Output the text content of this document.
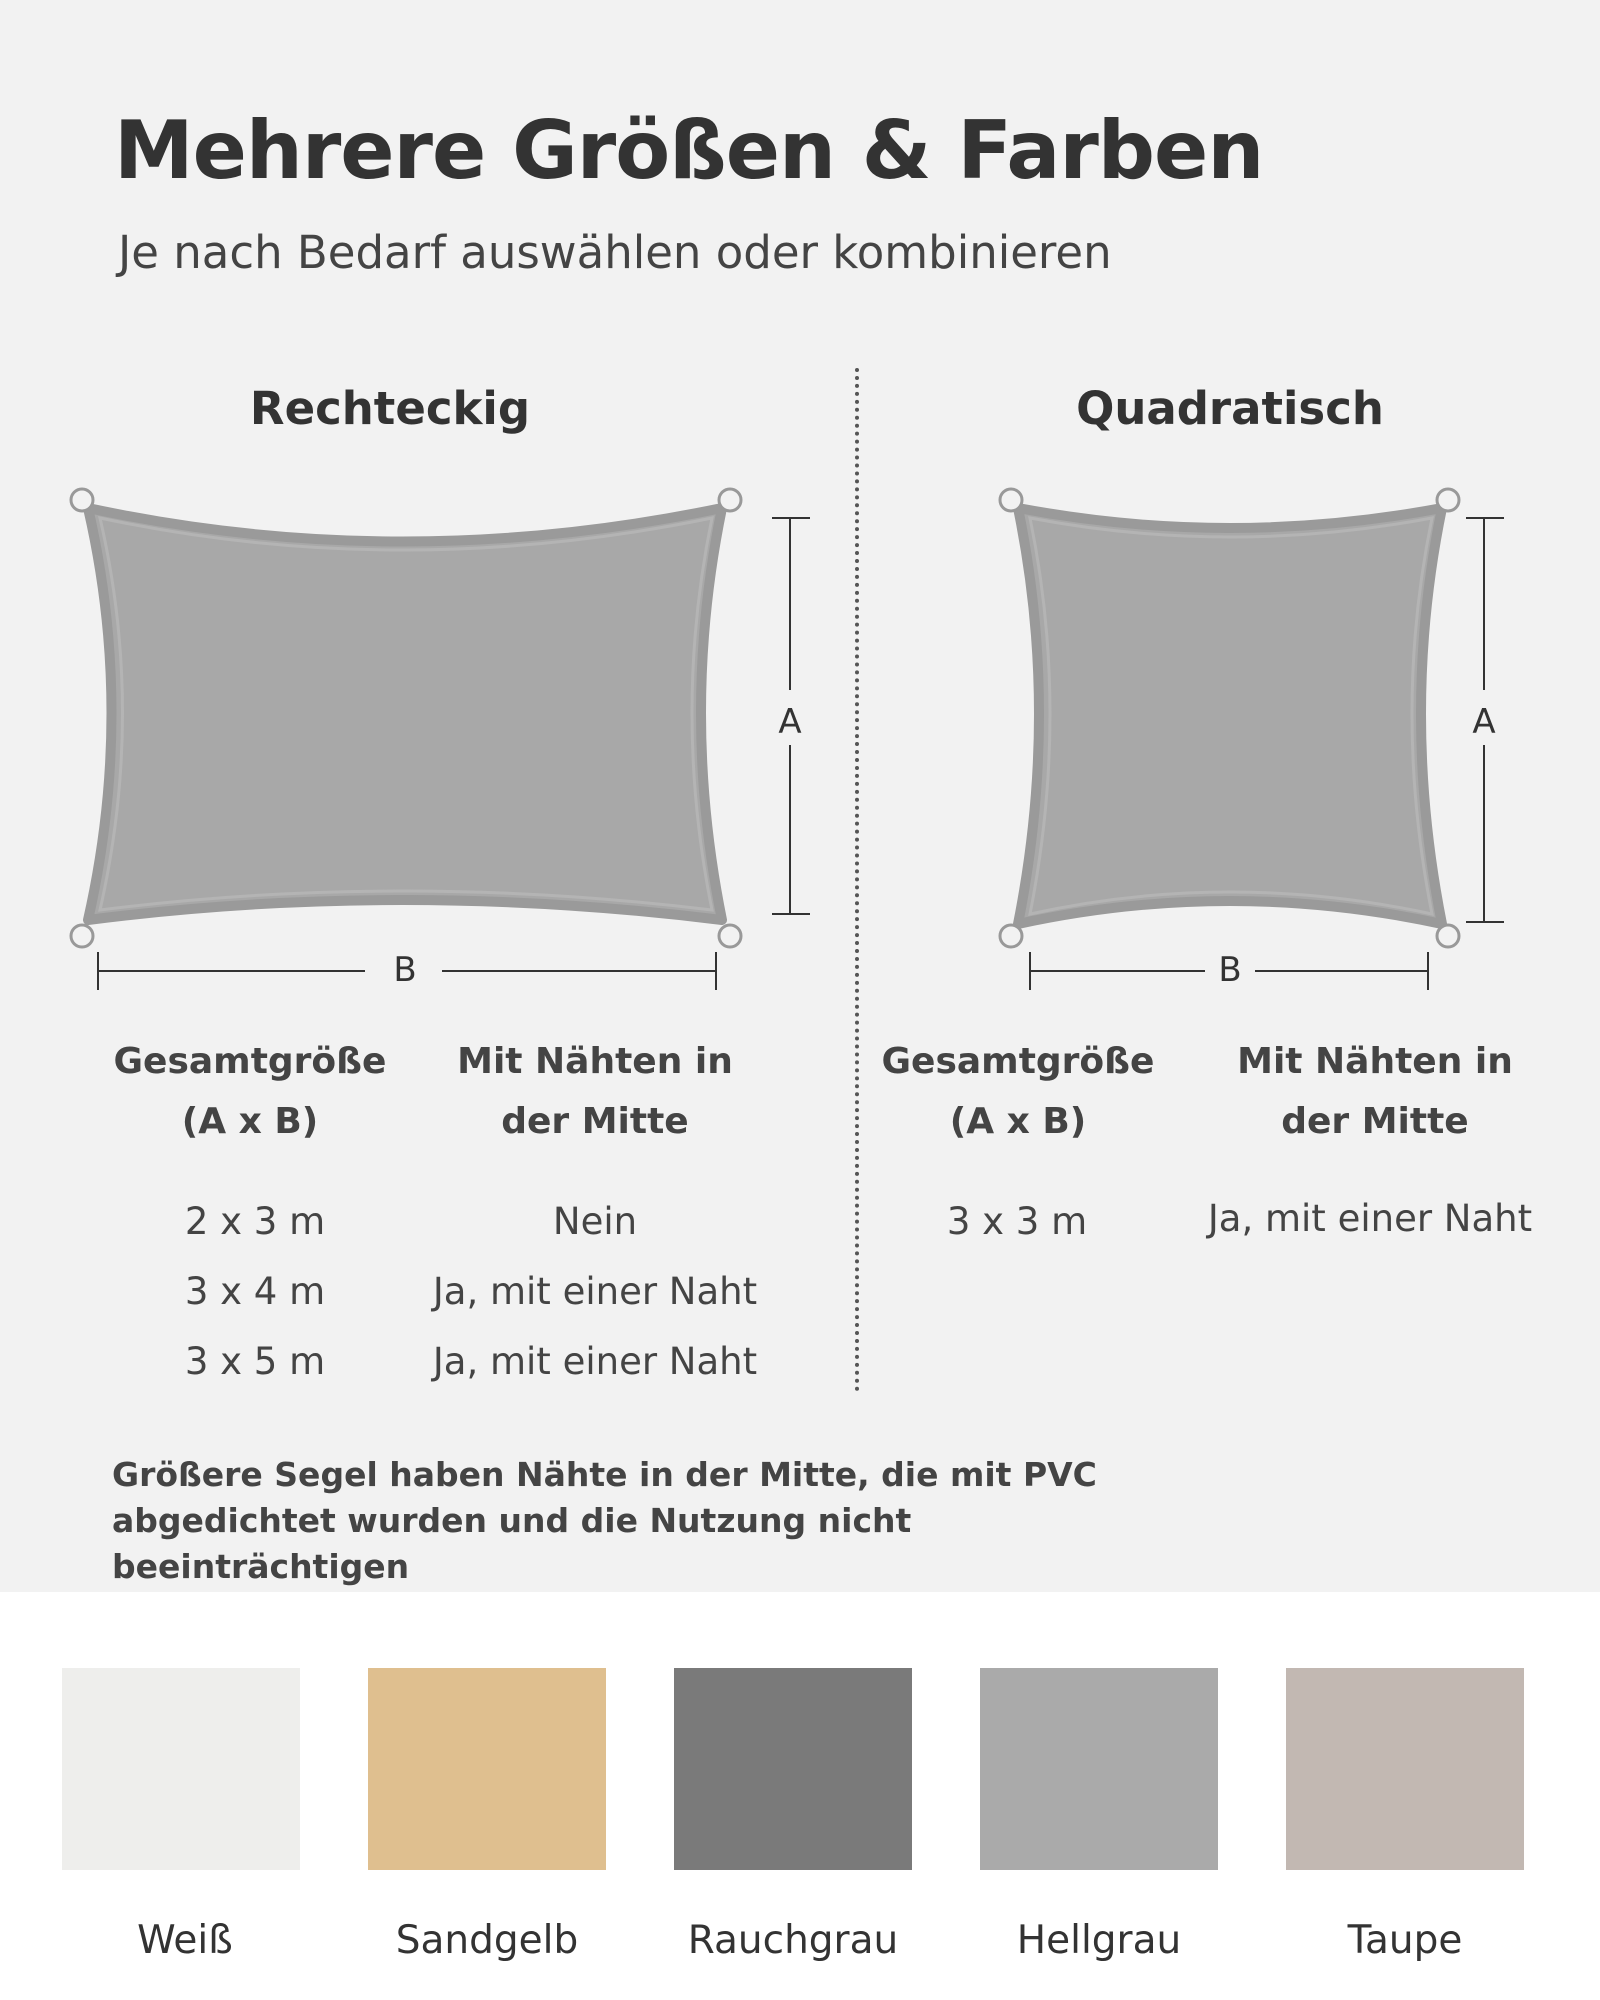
Mehrere Größen & Farben
Je nach Bedarf auswählen oder kombinieren
Rechteckig
A
B
A
B
Gesamtgröße (A x B)
Mit Nähten in der Mitte
2 x 3 m	Nein
3 x 4 m	Ja, mit einer Naht
3 x 5 m	Ja, mit einer Naht
Quadratisch
Gesamtgröße (A x B)
Mit Nähten in der Mitte
3 x 3 m	Ja, mit einer Naht
Größere Segel haben Nähte in der Mitte, die mit PVC abgedichtet wurden und die Nutzung nicht beeinträchtigen
Weiß	Sandgelb	Rauchgrau	Hellgrau	Taupe
